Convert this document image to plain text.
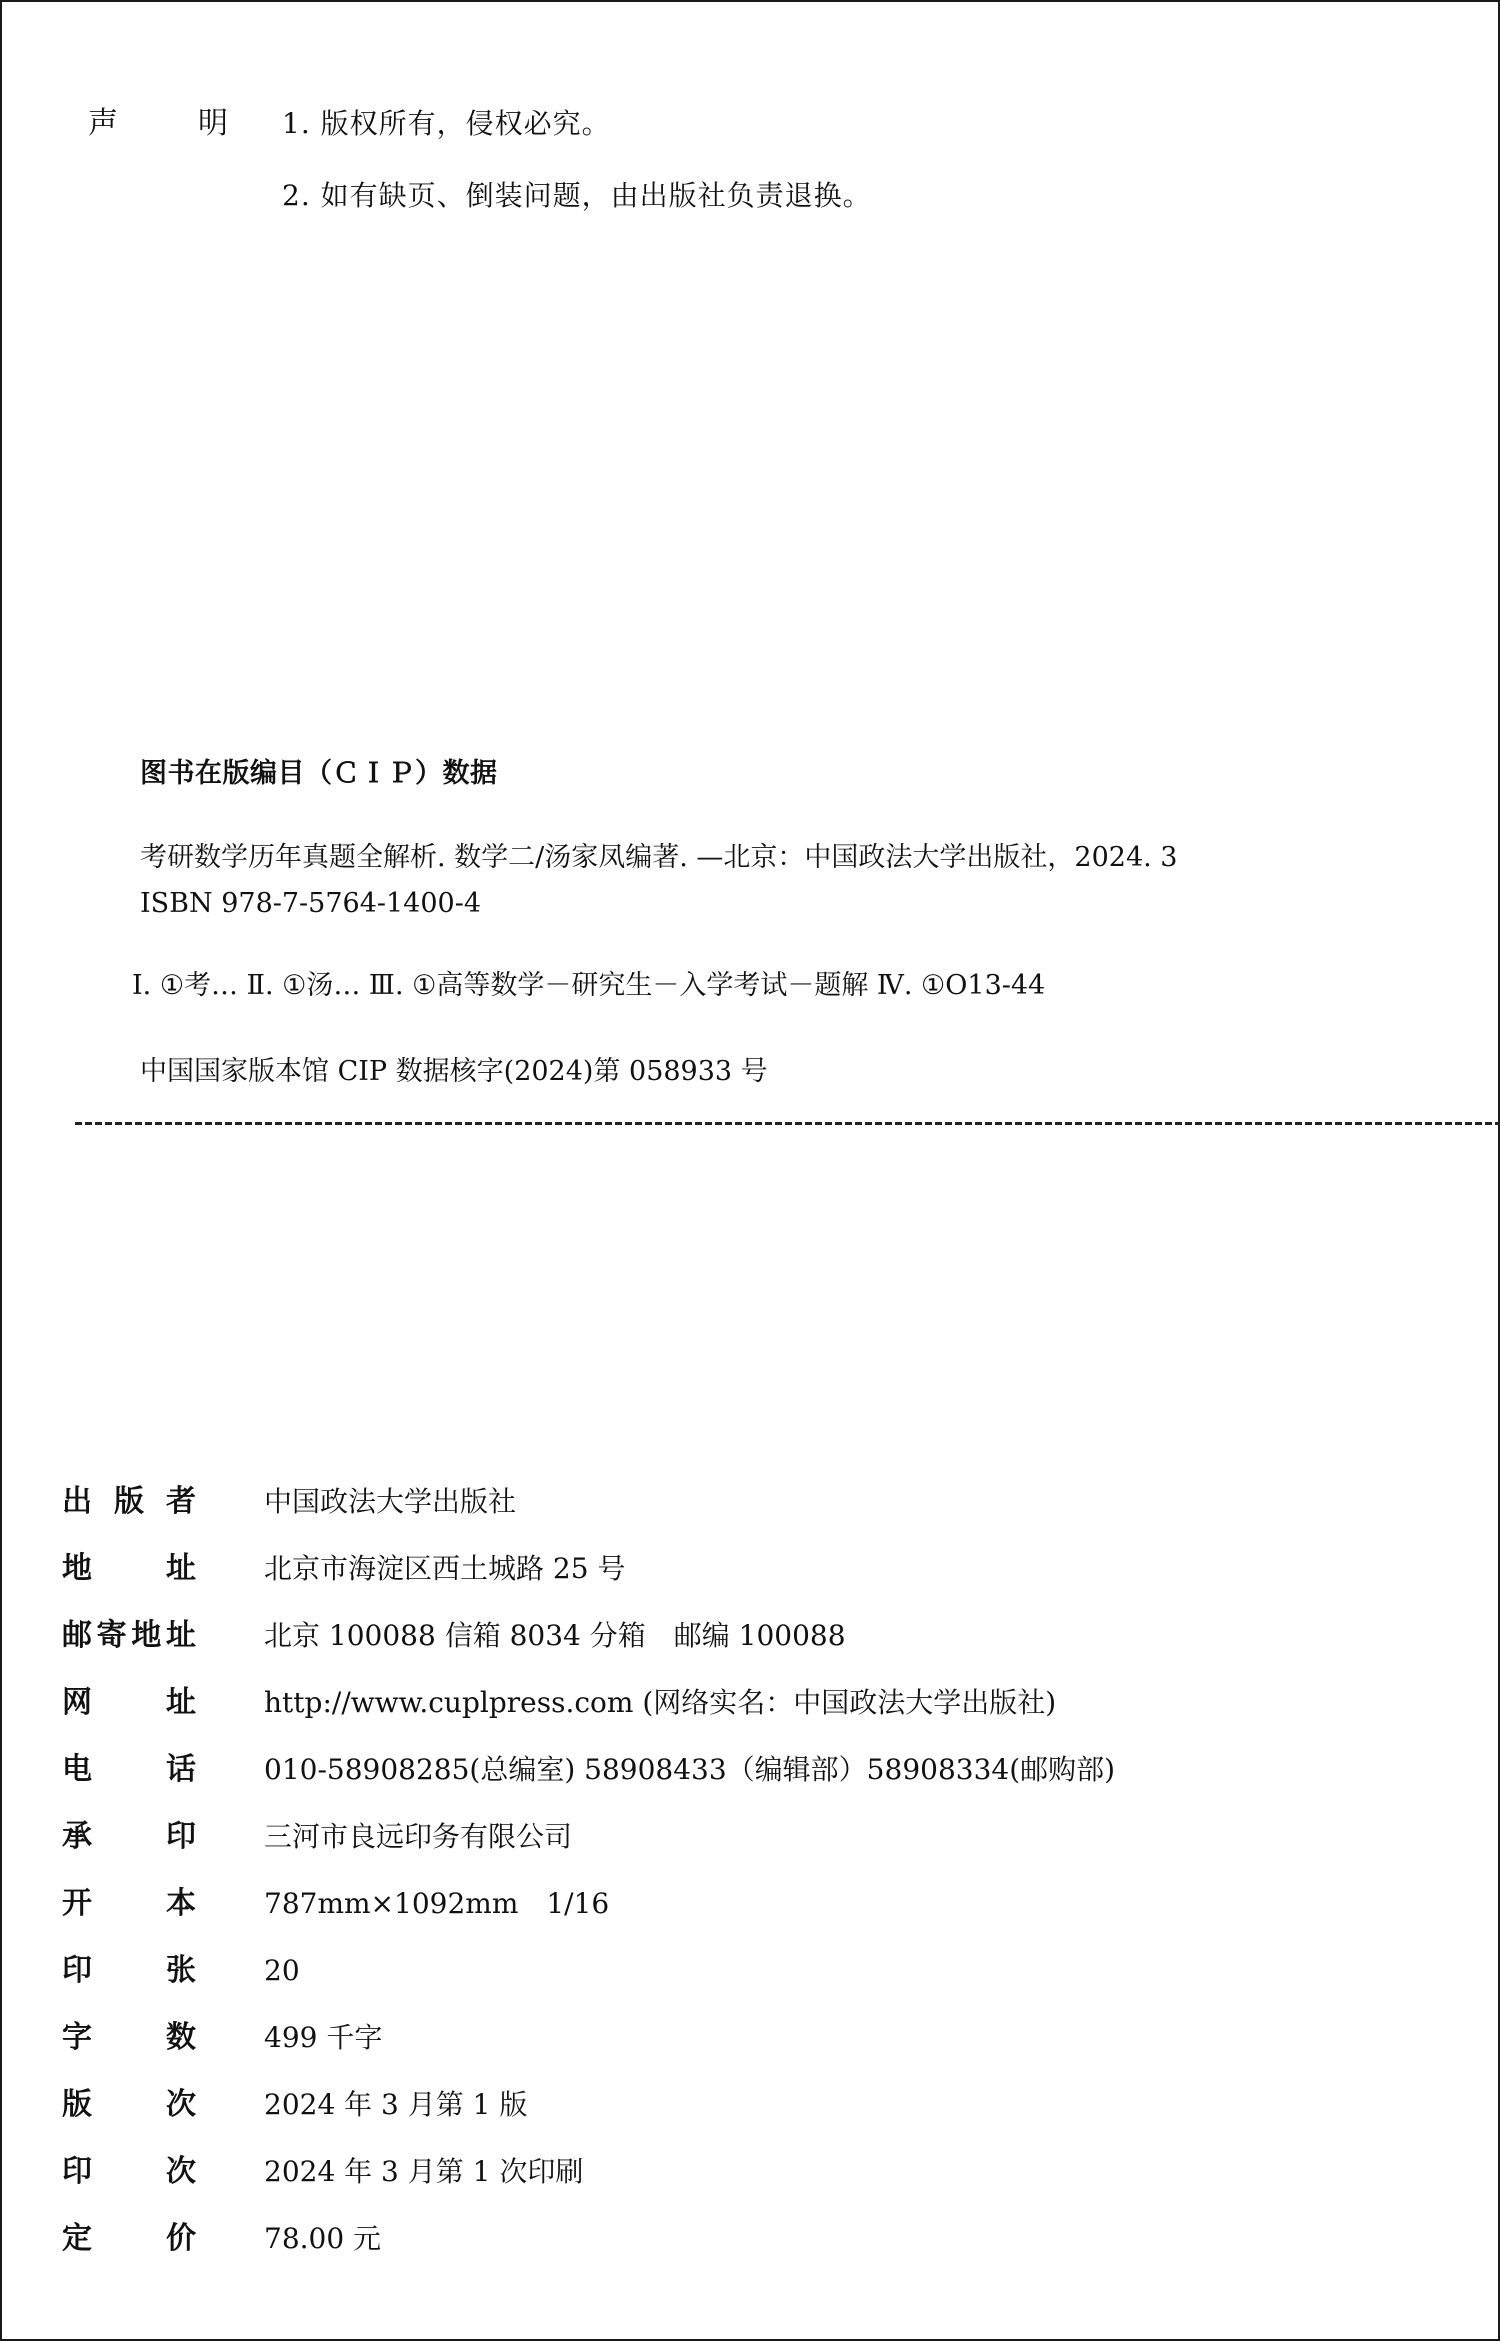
声	明 1. 版权所有，侵权必究。
2. 如有缺页、倒装问题，由出版社负责退换。
图书在版编目（ＣＩＰ）数据
考研数学历年真题全解析. 数学二/汤家凤编著. —北京：中国政法大学出版社，2024. 3
ISBN 978-7-5764-1400-4
Ⅰ. ①考… Ⅱ. ①汤… Ⅲ. ①高等数学－研究生－入学考试－题解 Ⅳ. ①O13-44
中国国家版本馆 CIP 数据核字(2024)第 058933 号
出 版 者 中国政法大学出版社
地 址 北京市海淀区西土城路 25 号
邮 寄 地 址 北京 100088 信箱 8034 分箱　邮编 100088
网 址 http://www.cuplpress.com (网络实名：中国政法大学出版社)
电 话 010-58908285(总编室) 58908433（编辑部）58908334(邮购部)
承 印 三河市良远印务有限公司
开 本 787mm×1092mm　1/16
印 张 20
字 数 499 千字
版 次 2024 年 3 月第 1 版
印 次 2024 年 3 月第 1 次印刷
定 价 78.00 元
